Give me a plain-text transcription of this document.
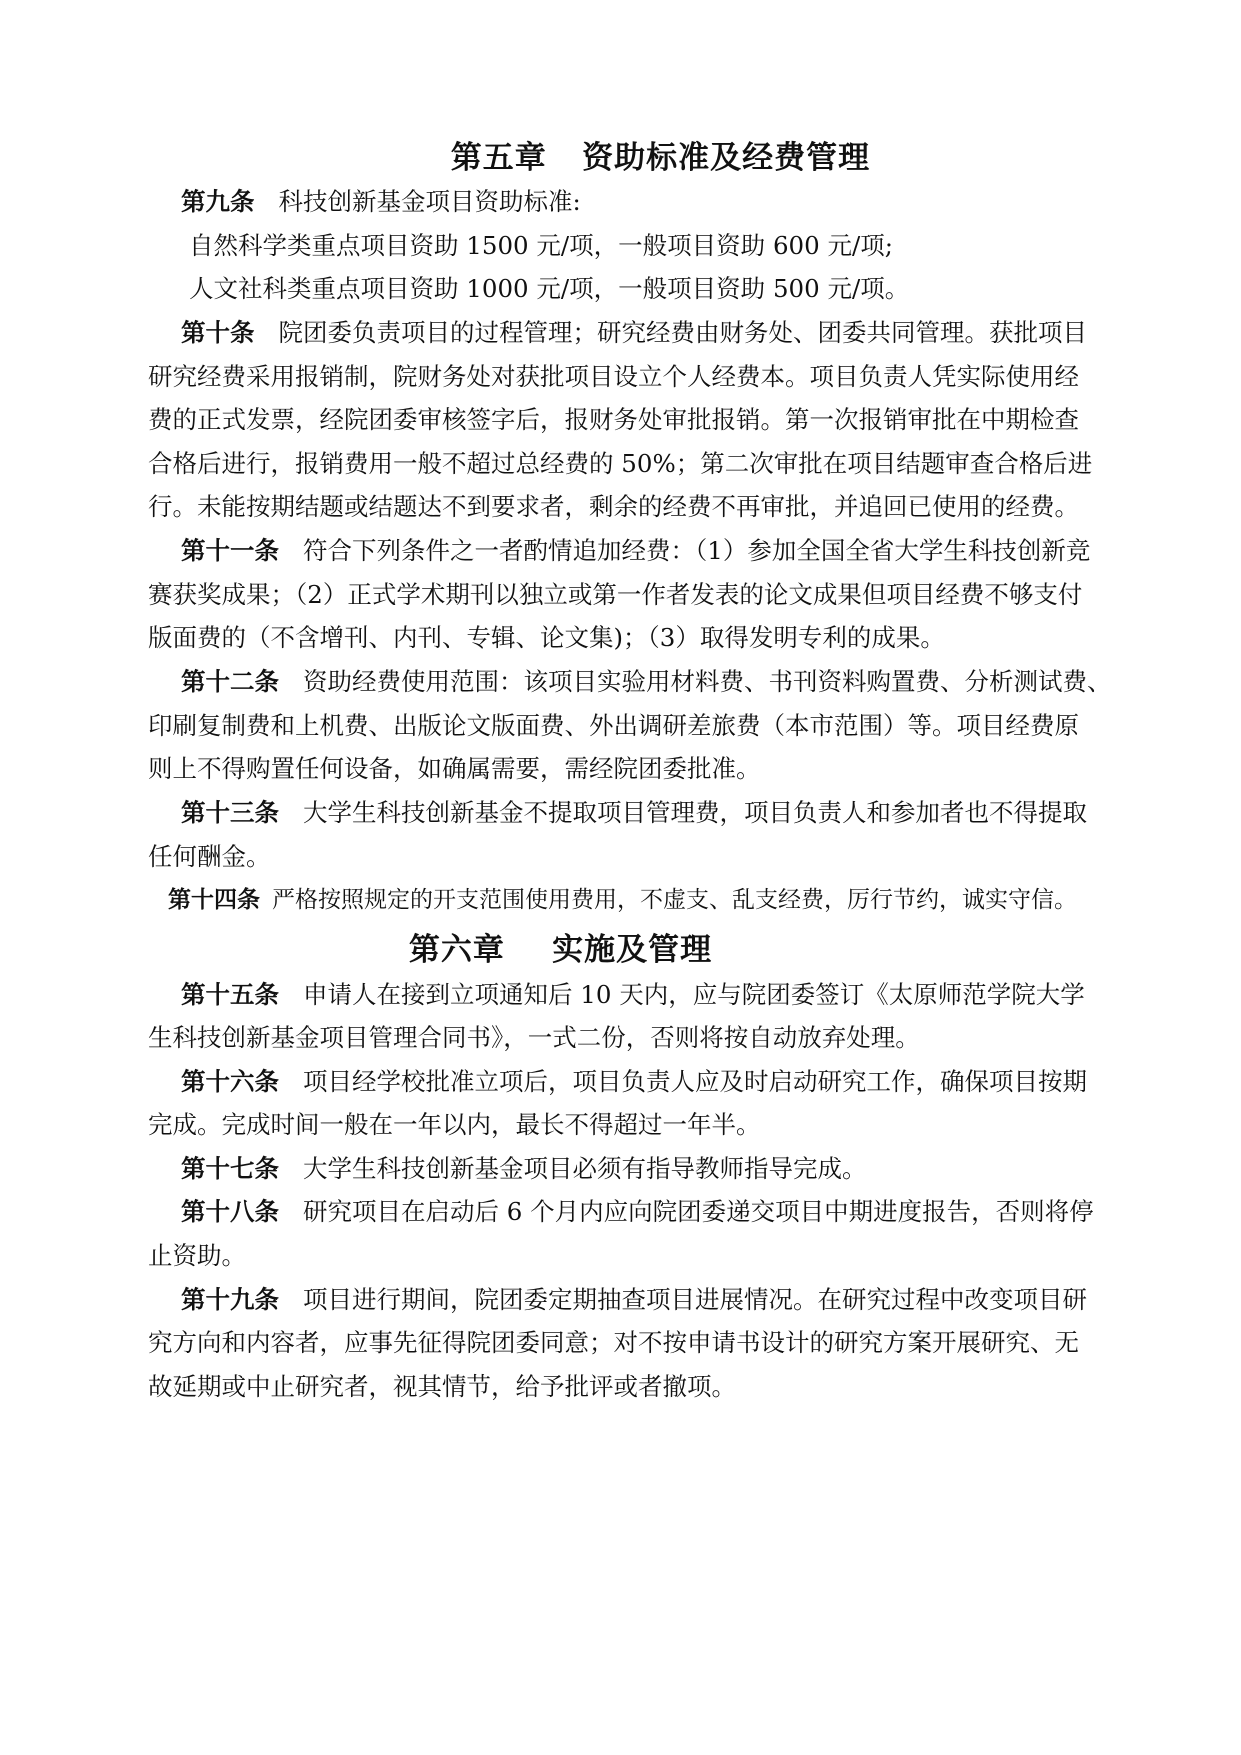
第五章   资助标准及经费管理
第九条 科技创新基金项目资助标准:
自然科学类重点项目资助 1500 元/项，一般项目资助 600 元/项;
人文社科类重点项目资助 1000 元/项，一般项目资助 500 元/项。
第十条 院团委负责项目的过程管理；研究经费由财务处、团委共同管理。获批项目
研究经费采用报销制，院财务处对获批项目设立个人经费本。项目负责人凭实际使用经
费的正式发票，经院团委审核签字后，报财务处审批报销。第一次报销审批在中期检查
合格后进行，报销费用一般不超过总经费的 50%；第二次审批在项目结题审查合格后进
行。未能按期结题或结题达不到要求者，剩余的经费不再审批，并追回已使用的经费。
第十一条 符合下列条件之一者酌情追加经费：（1）参加全国全省大学生科技创新竞
赛获奖成果；（2）正式学术期刊以独立或第一作者发表的论文成果但项目经费不够支付
版面费的（不含增刊、内刊、专辑、论文集)；（3）取得发明专利的成果。
第十二条 资助经费使用范围：该项目实验用材料费、书刊资料购置费、分析测试费、
印刷复制费和上机费、出版论文版面费、外出调研差旅费（本市范围）等。项目经费原
则上不得购置任何设备，如确属需要，需经院团委批准。
第十三条 大学生科技创新基金不提取项目管理费，项目负责人和参加者也不得提取
任何酬金。
第十四条 严格按照规定的开支范围使用费用，不虚支、乱支经费，厉行节约，诚实守信。
第六章    实施及管理
第十五条 申请人在接到立项通知后 10 天内，应与院团委签订《太原师范学院大学
生科技创新基金项目管理合同书》，一式二份，否则将按自动放弃处理。
第十六条 项目经学校批准立项后，项目负责人应及时启动研究工作，确保项目按期
完成。完成时间一般在一年以内，最长不得超过一年半。
第十七条 大学生科技创新基金项目必须有指导教师指导完成。
第十八条 研究项目在启动后 6 个月内应向院团委递交项目中期进度报告，否则将停
止资助。
第十九条 项目进行期间，院团委定期抽查项目进展情况。在研究过程中改变项目研
究方向和内容者，应事先征得院团委同意；对不按申请书设计的研究方案开展研究、无
故延期或中止研究者，视其情节，给予批评或者撤项。
